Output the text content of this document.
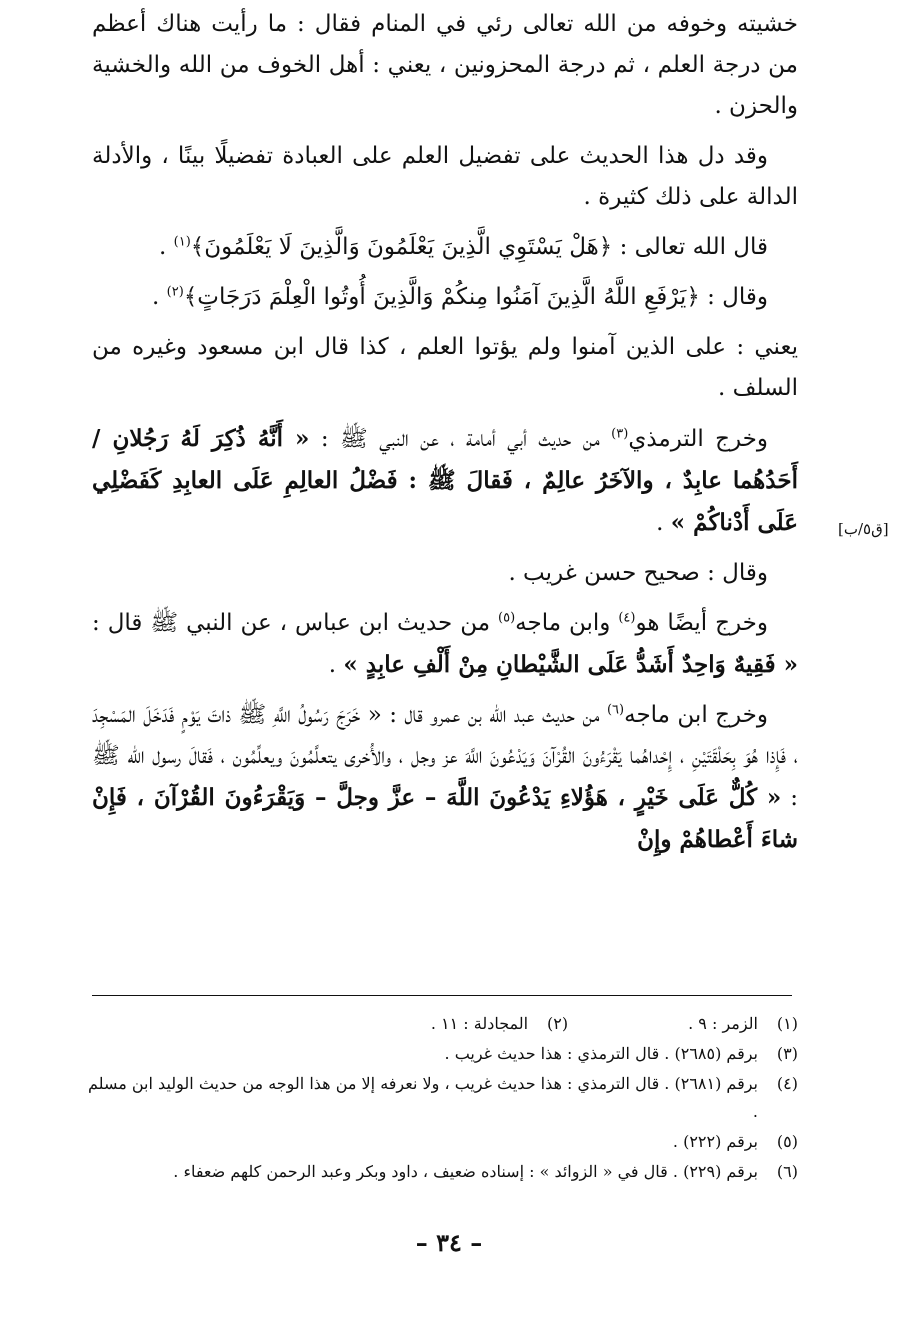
خشيته وخوفه من الله تعالى رئي في المنام فقال : ما رأيت هناك أعظم من درجة العلم ، ثم درجة المحزونين ، يعني : أهل الخوف من الله والخشية والحزن .

وقد دل هذا الحديث على تفضيل العلم على العبادة تفضيلًا بينًا ، والأدلة الدالة على ذلك كثيرة .

قال الله تعالى : ﴿هَلْ يَسْتَوِي الَّذِينَ يَعْلَمُونَ وَالَّذِينَ لَا يَعْلَمُونَ﴾$^{(١)}$ .

وقال : ﴿يَرْفَعِ اللَّهُ الَّذِينَ آمَنُوا مِنكُمْ وَالَّذِينَ أُوتُوا الْعِلْمَ دَرَجَاتٍ﴾$^{(٢)}$ .

يعني : على الذين آمنوا ولم يؤتوا العلم ، كذا قال ابن مسعود وغيره من السلف .

وخرج الترمذي$^{(٣)}$ من حديث أبي أمامة ، عن النبي ﷺ : « أَنَّهُ ذُكِرَ لَهُ رَجُلانِ / أَحَدُهُما عابِدٌ ، والآخَرُ عالِمٌ ، فَقالَ ﷺ : فَضْلُ العالِمِ عَلَى العابِدِ كَفَضْلِي عَلَى أَدْناكُمْ » .

وقال : صحيح حسن غريب .

وخرج أيضًا هو$^{(٤)}$ وابن ماجه$^{(٥)}$ من حديث ابن عباس ، عن النبي ﷺ قال : « فَقِيهٌ وَاحِدٌ أَشَدُّ عَلَى الشَّيْطانِ مِنْ أَلْفِ عابِدٍ » .

وخرج ابن ماجه$^{(٦)}$ من حديث عبد الله بن عمرو قال : « خَرَجَ رَسُولُ اللَّهِ ﷺ ذاتَ يَوْمٍ فَدَخَلَ المَسْجِدَ ، فَإِذا هُوَ بِحَلْقَتَيْنِ ، إِحْداهُما يَقْرَءُونَ القُرْآنَ وَيَدْعُونَ اللَّهَ عز وجل ، والأُخرى يتعلَّمُونَ ويعلِّمُون ، فَقالَ رسول الله ﷺ : « كُلٌّ عَلَى خَيْرٍ ، هَؤُلاءِ يَدْعُونَ اللَّهَ – عزَّ وجلَّ – وَيَقْرَءُونَ القُرْآنَ ، فَإِنْ شاءَ أَعْطاهُمْ وإِنْ

[ق٥/ب]
(١)
الزمر : ٩ .
(٢)
المجادلة : ١١ .
(٣)
برقم (٢٦٨٥) . قال الترمذي : هذا حديث غريب .
(٤)
برقم (٢٦٨١) . قال الترمذي : هذا حديث غريب ، ولا نعرفه إلا من هذا الوجه من حديث الوليد ابن مسلم .
(٥)
برقم (٢٢٢) .
(٦)
برقم (٢٢٩) . قال في « الزوائد » : إسناده ضعيف ، داود وبكر وعبد الرحمن كلهم ضعفاء .
– ٣٤ –
